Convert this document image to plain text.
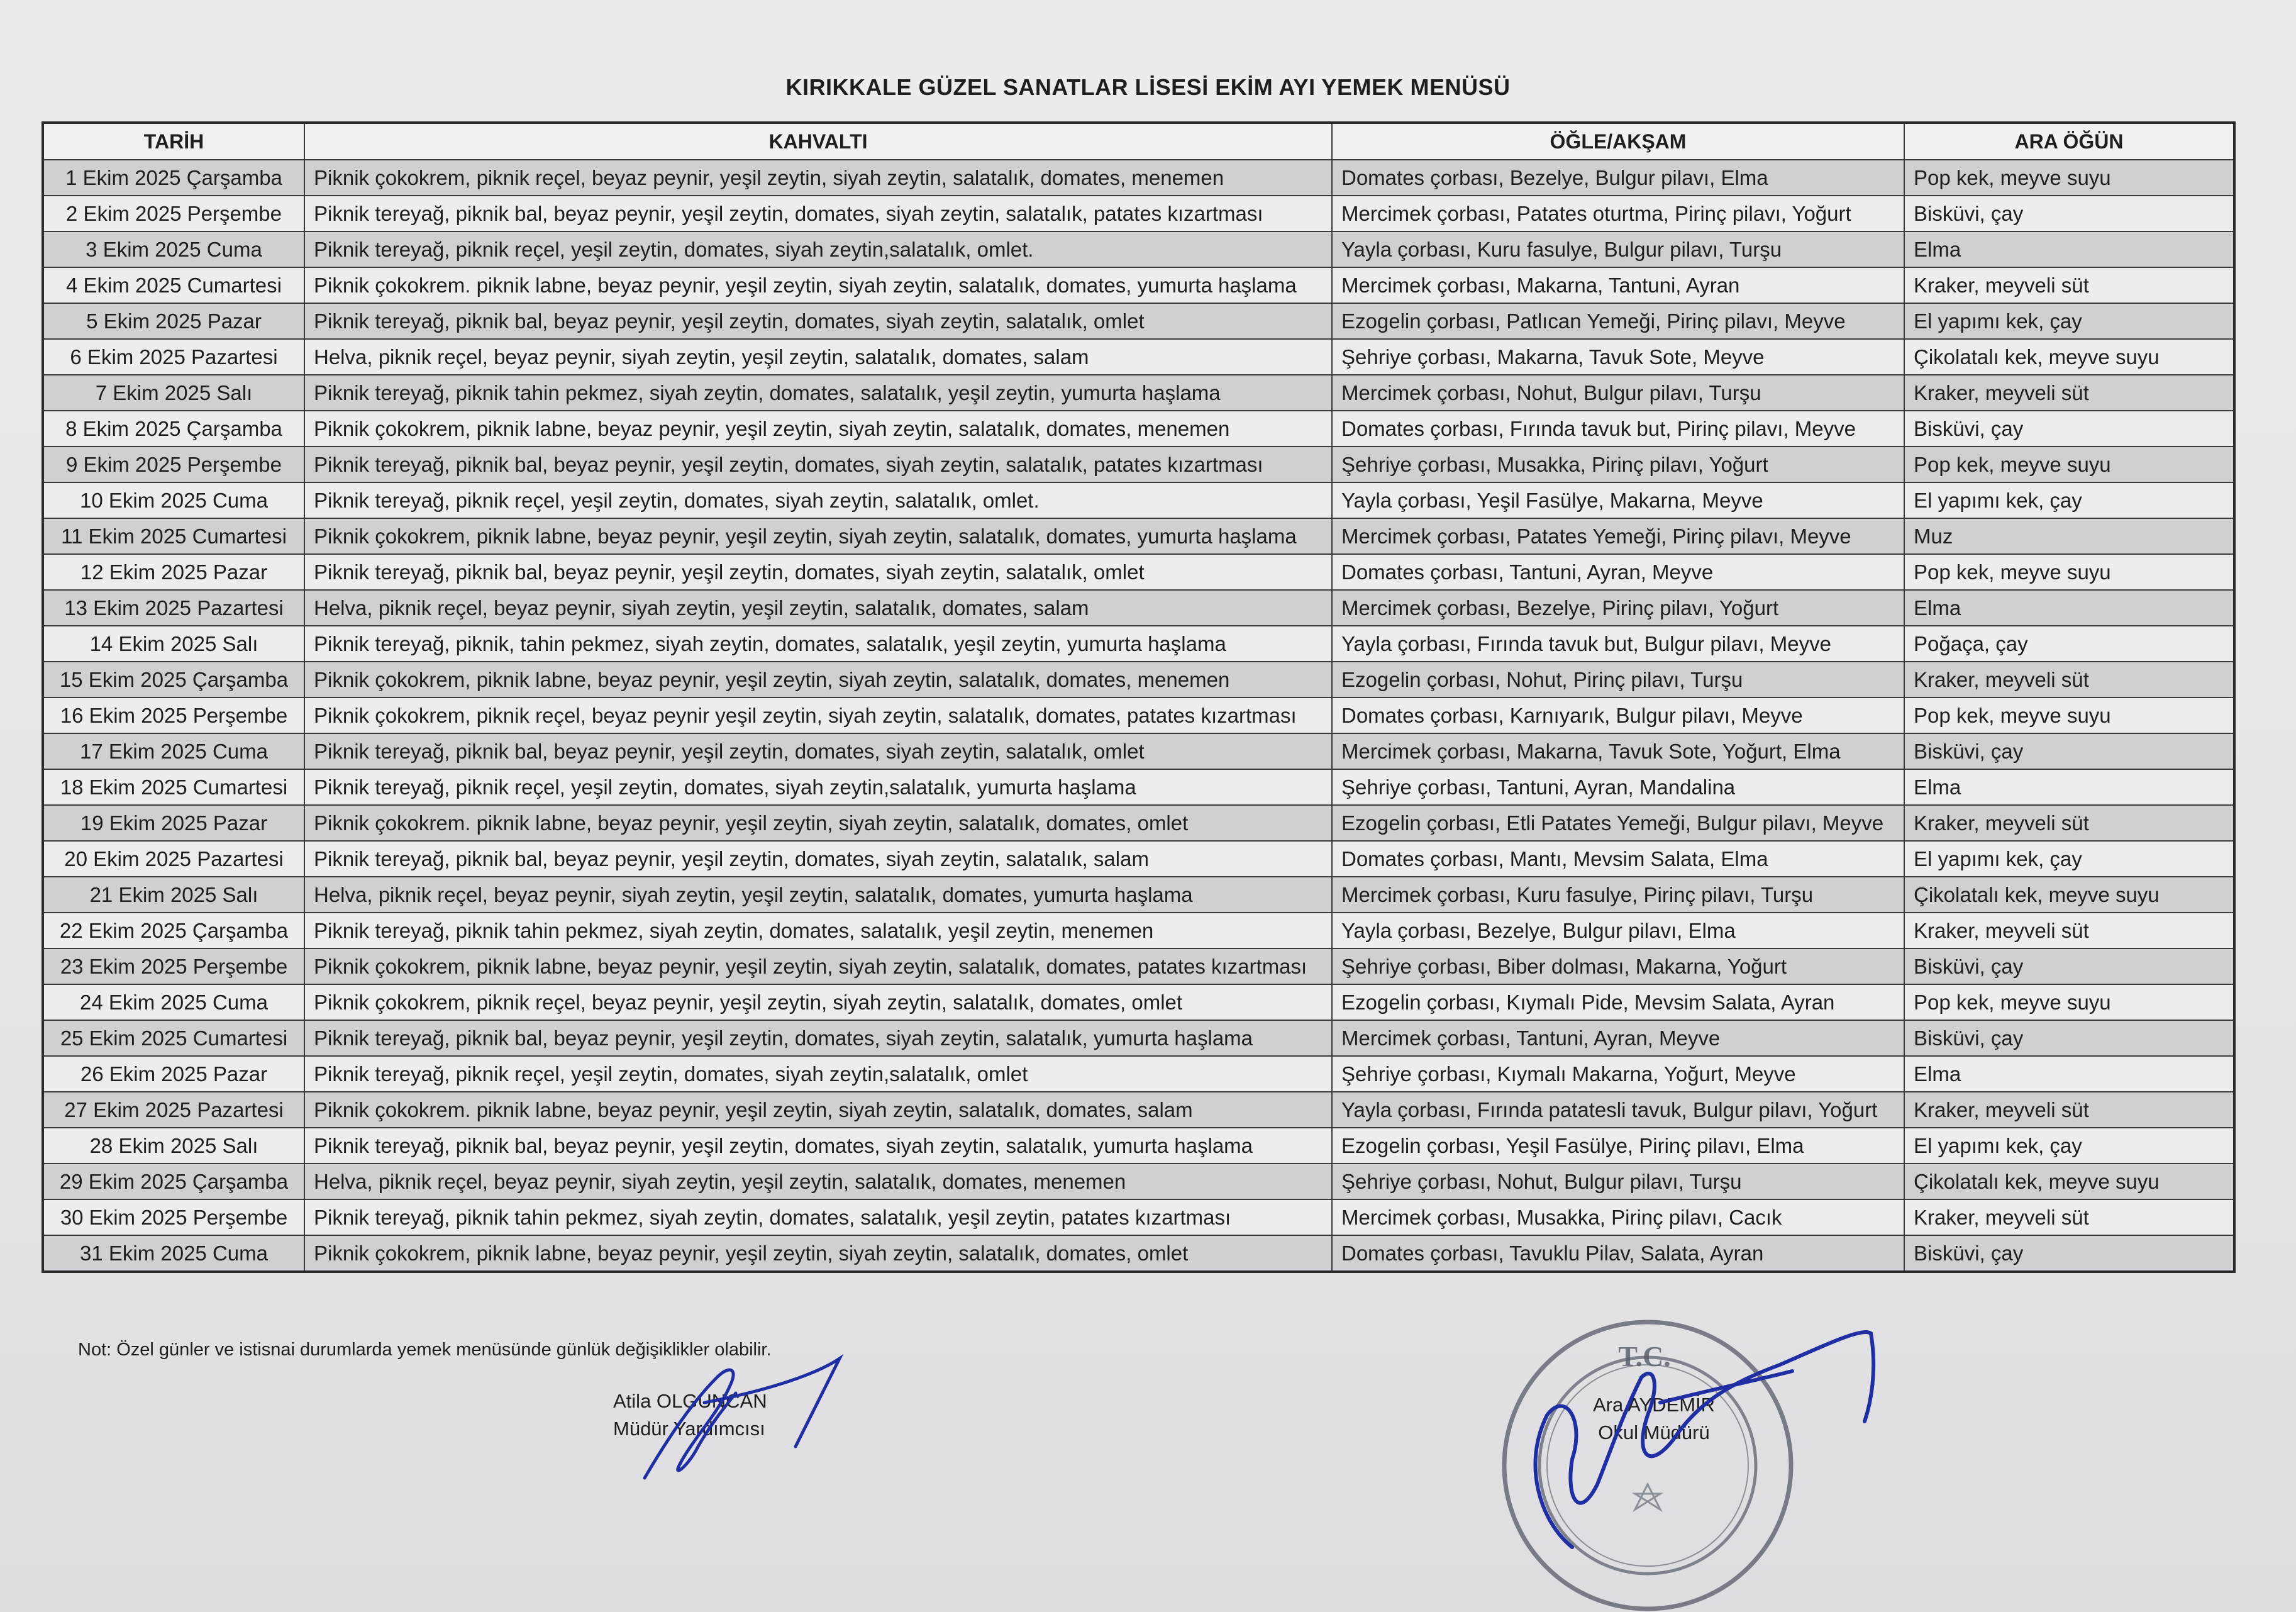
KIRIKKALE GÜZEL SANATLAR LİSESİ EKİM AYI YEMEK MENÜSÜ
TARİH	KAHVALTI	ÖĞLE/AKŞAM	ARA ÖĞÜN
1 Ekim 2025 Çarşamba	Piknik çokokrem, piknik reçel, beyaz peynir, yeşil zeytin, siyah zeytin, salatalık, domates, menemen	Domates çorbası, Bezelye, Bulgur pilavı, Elma	Pop kek, meyve suyu
2 Ekim 2025 Perşembe	Piknik tereyağ, piknik bal, beyaz peynir, yeşil zeytin, domates, siyah zeytin, salatalık, patates kızartması	Mercimek çorbası, Patates oturtma, Pirinç pilavı, Yoğurt	Bisküvi, çay
3 Ekim 2025 Cuma	Piknik tereyağ, piknik reçel, yeşil zeytin, domates, siyah zeytin,salatalık, omlet.	Yayla çorbası, Kuru fasulye, Bulgur pilavı, Turşu	Elma
4 Ekim 2025 Cumartesi	Piknik çokokrem. piknik labne, beyaz peynir, yeşil zeytin, siyah zeytin, salatalık, domates, yumurta haşlama	Mercimek çorbası, Makarna, Tantuni, Ayran	Kraker, meyveli süt
5 Ekim 2025 Pazar	Piknik tereyağ, piknik bal, beyaz peynir, yeşil zeytin, domates, siyah zeytin, salatalık, omlet	Ezogelin çorbası, Patlıcan Yemeği, Pirinç pilavı, Meyve	El yapımı kek, çay
6 Ekim 2025 Pazartesi	Helva, piknik reçel, beyaz peynir, siyah zeytin, yeşil zeytin, salatalık, domates, salam	Şehriye çorbası, Makarna, Tavuk Sote, Meyve	Çikolatalı kek, meyve suyu
7 Ekim 2025 Salı	Piknik tereyağ, piknik tahin pekmez, siyah zeytin, domates, salatalık, yeşil zeytin, yumurta haşlama	Mercimek çorbası, Nohut, Bulgur pilavı, Turşu	Kraker, meyveli süt
8 Ekim 2025 Çarşamba	Piknik çokokrem, piknik labne, beyaz peynir, yeşil zeytin, siyah zeytin, salatalık, domates, menemen	Domates çorbası, Fırında tavuk but, Pirinç pilavı, Meyve	Bisküvi, çay
9 Ekim 2025 Perşembe	Piknik tereyağ, piknik bal, beyaz peynir, yeşil zeytin, domates, siyah zeytin, salatalık, patates kızartması	Şehriye çorbası, Musakka, Pirinç pilavı, Yoğurt	Pop kek, meyve suyu
10 Ekim 2025 Cuma	Piknik tereyağ, piknik reçel, yeşil zeytin, domates, siyah zeytin, salatalık, omlet.	Yayla çorbası, Yeşil Fasülye, Makarna, Meyve	El yapımı kek, çay
11 Ekim 2025 Cumartesi	Piknik çokokrem, piknik labne, beyaz peynir, yeşil zeytin, siyah zeytin, salatalık, domates, yumurta haşlama	Mercimek çorbası, Patates Yemeği, Pirinç pilavı, Meyve	Muz
12 Ekim 2025 Pazar	Piknik tereyağ, piknik bal, beyaz peynir, yeşil zeytin, domates, siyah zeytin, salatalık, omlet	Domates çorbası, Tantuni, Ayran, Meyve	Pop kek, meyve suyu
13 Ekim 2025 Pazartesi	Helva, piknik reçel, beyaz peynir, siyah zeytin, yeşil zeytin, salatalık, domates, salam	Mercimek çorbası, Bezelye, Pirinç pilavı, Yoğurt	Elma
14 Ekim 2025 Salı	Piknik tereyağ, piknik, tahin pekmez, siyah zeytin, domates, salatalık, yeşil zeytin, yumurta haşlama	Yayla çorbası, Fırında tavuk but, Bulgur pilavı, Meyve	Poğaça, çay
15 Ekim 2025 Çarşamba	Piknik çokokrem, piknik labne, beyaz peynir, yeşil zeytin, siyah zeytin, salatalık, domates, menemen	Ezogelin çorbası, Nohut, Pirinç pilavı, Turşu	Kraker, meyveli süt
16 Ekim 2025 Perşembe	Piknik çokokrem, piknik reçel, beyaz peynir yeşil zeytin, siyah zeytin, salatalık, domates, patates kızartması	Domates çorbası, Karnıyarık, Bulgur pilavı, Meyve	Pop kek, meyve suyu
17 Ekim 2025 Cuma	Piknik tereyağ, piknik bal, beyaz peynir, yeşil zeytin, domates, siyah zeytin, salatalık, omlet	Mercimek çorbası, Makarna, Tavuk Sote, Yoğurt, Elma	Bisküvi, çay
18 Ekim 2025 Cumartesi	Piknik tereyağ, piknik reçel, yeşil zeytin, domates, siyah zeytin,salatalık, yumurta haşlama	Şehriye çorbası, Tantuni, Ayran, Mandalina	Elma
19 Ekim 2025 Pazar	Piknik çokokrem. piknik labne, beyaz peynir, yeşil zeytin, siyah zeytin, salatalık, domates, omlet	Ezogelin çorbası, Etli Patates Yemeği, Bulgur pilavı, Meyve	Kraker, meyveli süt
20 Ekim 2025 Pazartesi	Piknik tereyağ, piknik bal, beyaz peynir, yeşil zeytin, domates, siyah zeytin, salatalık, salam	Domates çorbası, Mantı, Mevsim Salata, Elma	El yapımı kek, çay
21 Ekim 2025 Salı	Helva, piknik reçel, beyaz peynir, siyah zeytin, yeşil zeytin, salatalık, domates, yumurta haşlama	Mercimek çorbası, Kuru fasulye, Pirinç pilavı, Turşu	Çikolatalı kek, meyve suyu
22 Ekim 2025 Çarşamba	Piknik tereyağ, piknik tahin pekmez, siyah zeytin, domates, salatalık, yeşil zeytin, menemen	Yayla çorbası, Bezelye, Bulgur pilavı, Elma	Kraker, meyveli süt
23 Ekim 2025 Perşembe	Piknik çokokrem, piknik labne, beyaz peynir, yeşil zeytin, siyah zeytin, salatalık, domates, patates kızartması	Şehriye çorbası, Biber dolması, Makarna, Yoğurt	Bisküvi, çay
24 Ekim 2025 Cuma	Piknik çokokrem, piknik reçel, beyaz peynir, yeşil zeytin, siyah zeytin, salatalık, domates, omlet	Ezogelin çorbası, Kıymalı Pide, Mevsim Salata, Ayran	Pop kek, meyve suyu
25 Ekim 2025 Cumartesi	Piknik tereyağ, piknik bal, beyaz peynir, yeşil zeytin, domates, siyah zeytin, salatalık, yumurta haşlama	Mercimek çorbası, Tantuni, Ayran, Meyve	Bisküvi, çay
26 Ekim 2025 Pazar	Piknik tereyağ, piknik reçel, yeşil zeytin, domates, siyah zeytin,salatalık, omlet	Şehriye çorbası, Kıymalı Makarna, Yoğurt, Meyve	Elma
27 Ekim 2025 Pazartesi	Piknik çokokrem. piknik labne, beyaz peynir, yeşil zeytin, siyah zeytin, salatalık, domates, salam	Yayla çorbası, Fırında patatesli tavuk, Bulgur pilavı, Yoğurt	Kraker, meyveli süt
28 Ekim 2025 Salı	Piknik tereyağ, piknik bal, beyaz peynir, yeşil zeytin, domates, siyah zeytin, salatalık, yumurta haşlama	Ezogelin çorbası, Yeşil Fasülye, Pirinç pilavı, Elma	El yapımı kek, çay
29 Ekim 2025 Çarşamba	Helva, piknik reçel, beyaz peynir, siyah zeytin, yeşil zeytin, salatalık, domates, menemen	Şehriye çorbası, Nohut, Bulgur pilavı, Turşu	Çikolatalı kek, meyve suyu
30 Ekim 2025 Perşembe	Piknik tereyağ, piknik tahin pekmez, siyah zeytin, domates, salatalık, yeşil zeytin, patates kızartması	Mercimek çorbası, Musakka, Pirinç pilavı, Cacık	Kraker, meyveli süt
31 Ekim 2025 Cuma	Piknik çokokrem, piknik labne, beyaz peynir, yeşil zeytin, siyah zeytin, salatalık, domates, omlet	Domates çorbası, Tavuklu Pilav, Salata, Ayran	Bisküvi, çay
Not: Özel günler ve istisnai durumlarda yemek menüsünde günlük değişiklikler olabilir.
Atila OLGUNCAN
Müdür Yardımcısı
Ara AYDEMİR
Okul Müdürü
T.C.
